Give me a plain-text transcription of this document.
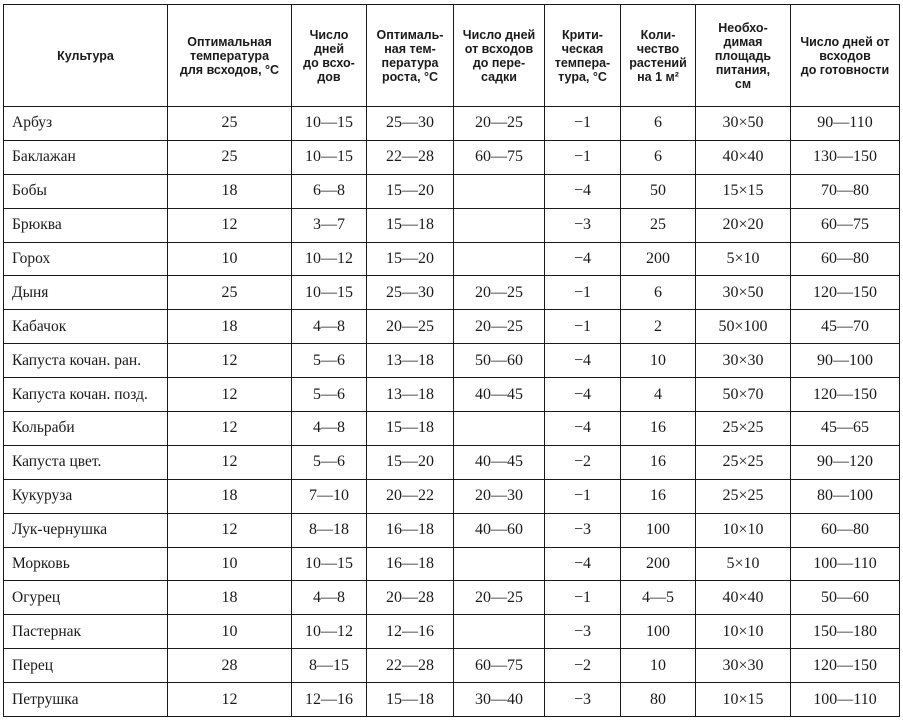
Культура	Оптимальная
температура
для всходов, °С	Число
дней
до всхо-
дов	Оптималь-
ная тем-
пература
роста, °С	Число дней
от всходов
до пере-
садки	Крити-
ческая
темпера-
тура, °С	Коли-
чество
растений
на 1 м²	Необхо-
димая
площадь
питания,
см	Число дней от
всходов
до готовности

Арбуз	25	10—15	25—30	20—25	−1	6	30×50	90—110
Баклажан	25	10—15	22—28	60—75	−1	6	40×40	130—150
Бобы	18	6—8	15—20		−4	50	15×15	70—80
Брюква	12	3—7	15—18		−3	25	20×20	60—75
Горох	10	10—12	15—20		−4	200	5×10	60—80
Дыня	25	10—15	25—30	20—25	−1	6	30×50	120—150
Кабачок	18	4—8	20—25	20—25	−1	2	50×100	45—70
Капуста кочан. ран.	12	5—6	13—18	50—60	−4	10	30×30	90—100
Капуста кочан. позд.	12	5—6	13—18	40—45	−4	4	50×70	120—150
Кольраби	12	4—8	15—18		−4	16	25×25	45—65
Капуста цвет.	12	5—6	15—20	40—45	−2	16	25×25	90—120
Кукуруза	18	7—10	20—22	20—30	−1	16	25×25	80—100
Лук-чернушка	12	8—18	16—18	40—60	−3	100	10×10	60—80
Морковь	10	10—15	16—18		−4	200	5×10	100—110
Огурец	18	4—8	20—28	20—25	−1	4—5	40×40	50—60
Пастернак	10	10—12	12—16		−3	100	10×10	150—180
Перец	28	8—15	22—28	60—75	−2	10	30×30	120—150
Петрушка	12	12—16	15—18	30—40	−3	80	10×15	100—110
